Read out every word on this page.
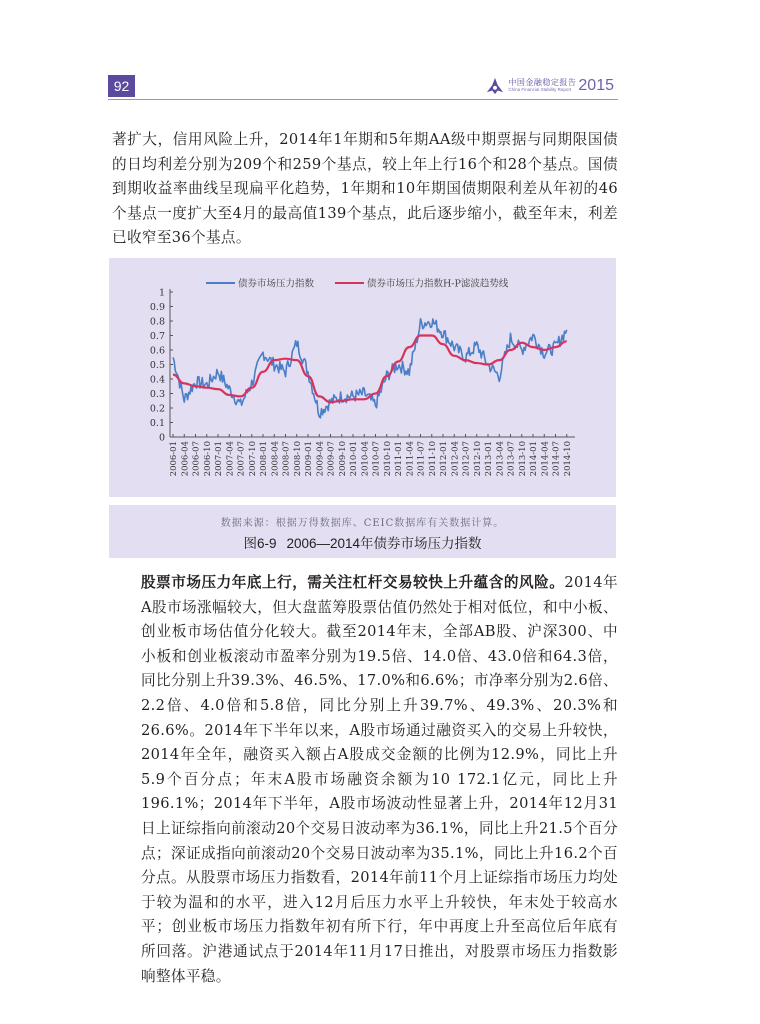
92	中国金融稳定报告
China Financial Stability Report 2015

著扩大，信用风险上升，2014年1年期和5年期AA级中期票据与同期限国债的日均利差分别为209个和259个基点，较上年上行16个和28个基点。国债到期收益率曲线呈现扁平化趋势，1年期和10年期国债期限利差从年初的46个基点一度扩大至4月的最高值139个基点，此后逐步缩小，截至年末，利差已收窄至36个基点。

债券市场压力指数	债券市场压力指数H-P滤波趋势线
0
0.1
0.2
0.3
0.4
0.5
0.6
0.7
0.8
0.9
1
2006-01 2006-04 2006-07 2006-10 2007-01 2007-04 2007-07 2007-10 2008-01 2008-04 2008-07 2008-10 2009-01 2009-04 2009-07 2009-10 2010-01 2010-04 2010-07 2010-10 2011-01 2011-04 2011-07 2011-10 2012-01 2012-04 2012-07 2012-10 2013-01 2013-04 2013-07 2013-10 2014-01 2014-04 2014-07 2014-10
数据来源：根据万得数据库、CEIC数据库有关数据计算。
图6-9 2006—2014年债券市场压力指数

股票市场压力年底上行，需关注杠杆交易较快上升蕴含的风险。2014年A股市场涨幅较大，但大盘蓝筹股票估值仍然处于相对低位，和中小板、创业板市场估值分化较大。截至2014年末，全部AB股、沪深300、中小板和创业板滚动市盈率分别为19.5倍、14.0倍、43.0倍和64.3倍，同比分别上升39.3%、46.5%、17.0%和6.6%；市净率分别为2.6倍、2.2倍、4.0倍和5.8倍，同比分别上升39.7%、49.3%、20.3%和26.6%。2014年下半年以来，A股市场通过融资买入的交易上升较快，2014年全年，融资买入额占A股成交金额的比例为12.9%，同比上升5.9个百分点；年末A股市场融资余额为10 172.1亿元，同比上升196.1%；2014年下半年，A股市场波动性显著上升，2014年12月31日上证综指向前滚动20个交易日波动率为36.1%，同比上升21.5个百分点；深证成指向前滚动20个交易日波动率为35.1%，同比上升16.2个百分点。从股票市场压力指数看，2014年前11个月上证综指市场压力均处于较为温和的水平，进入12月后压力水平上升较快，年末处于较高水平；创业板市场压力指数年初有所下行，年中再度上升至高位后年底有所回落。沪港通试点于2014年11月17日推出，对股票市场压力指数影响整体平稳。
